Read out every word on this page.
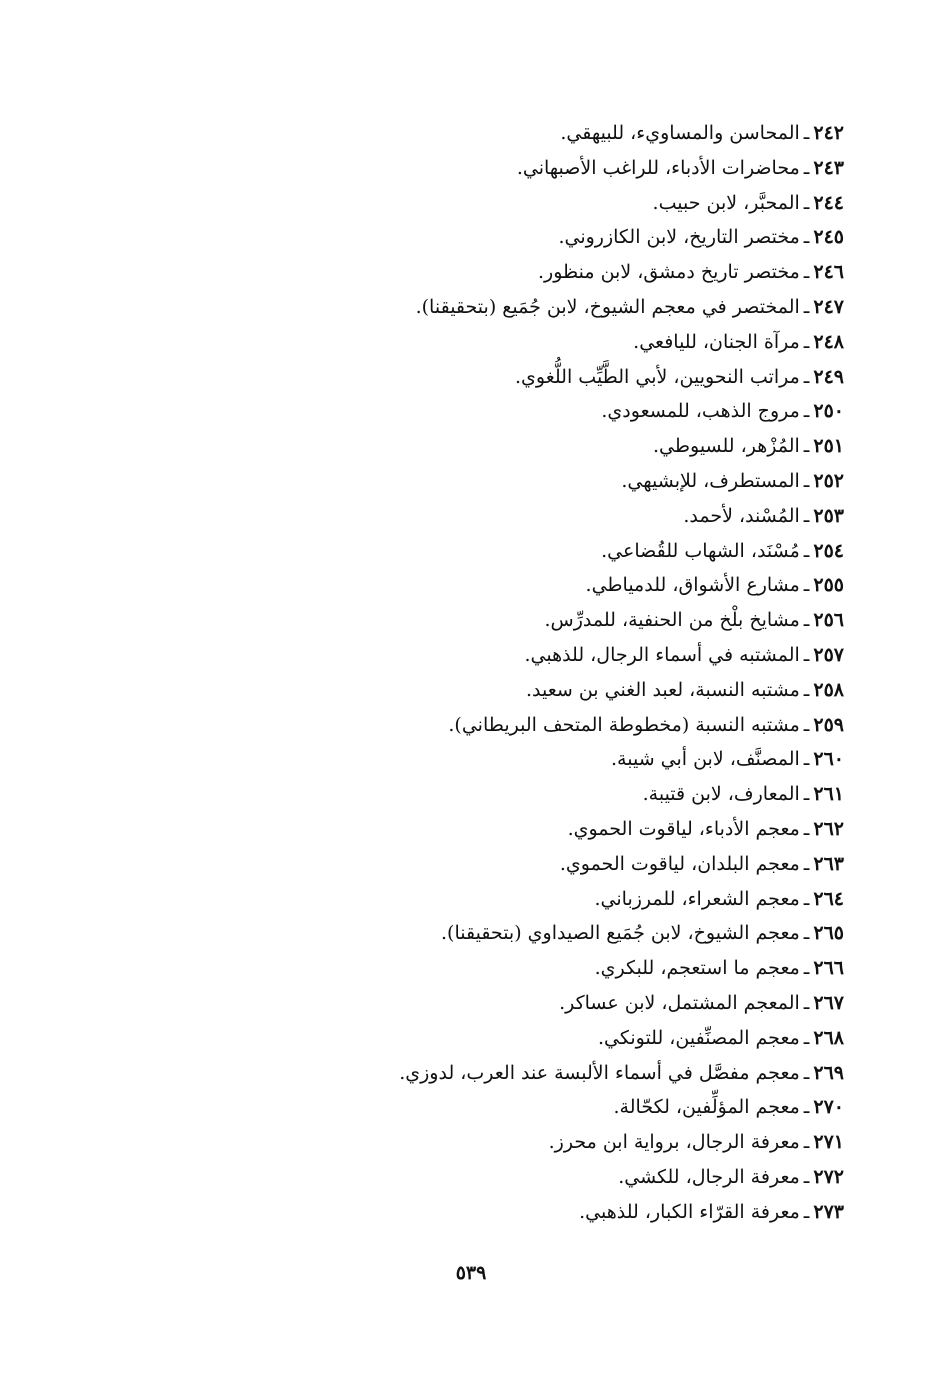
٢٤٢ـالمحاسن والمساويء، للبيهقي.
٢٤٣ـمحاضرات الأدباء، للراغب الأصبهاني.
٢٤٤ـالمحبَّر، لابن حبيب.
٢٤٥ـمختصر التاريخ، لابن الكازروني.
٢٤٦ـمختصر تاريخ دمشق، لابن منظور.
٢٤٧ـالمختصر في معجم الشيوخ، لابن جُمَيع (بتحقيقنا).
٢٤٨ـمرآة الجنان، لليافعي.
٢٤٩ـمراتب النحويين، لأبي الطَّيِّب اللُّغوي.
٢٥٠ـمروج الذهب، للمسعودي.
٢٥١ـالمُزْهر، للسيوطي.
٢٥٢ـالمستطرف، للإبشيهي.
٢٥٣ـالمُسْند، لأحمد.
٢٥٤ـمُسْنَد، الشهاب للقُضاعي.
٢٥٥ـمشارع الأشواق، للدمياطي.
٢٥٦ـمشايخ بلْخ من الحنفية، للمدرِّس.
٢٥٧ـالمشتبه في أسماء الرجال، للذهبي.
٢٥٨ـمشتبه النسبة، لعبد الغني بن سعيد.
٢٥٩ـمشتبه النسبة (مخطوطة المتحف البريطاني).
٢٦٠ـالمصنَّف، لابن أبي شيبة.
٢٦١ـالمعارف، لابن قتيبة.
٢٦٢ـمعجم الأدباء، لياقوت الحموي.
٢٦٣ـمعجم البلدان، لياقوت الحموي.
٢٦٤ـمعجم الشعراء، للمرزباني.
٢٦٥ـمعجم الشيوخ، لابن جُمَيع الصيداوي (بتحقيقنا).
٢٦٦ـمعجم ما استعجم، للبكري.
٢٦٧ـالمعجم المشتمل، لابن عساكر.
٢٦٨ـمعجم المصنِّفين، للتونكي.
٢٦٩ـمعجم مفصَّل في أسماء الألبسة عند العرب، لدوزي.
٢٧٠ـمعجم المؤلِّفين، لكحّالة.
٢٧١ـمعرفة الرجال، برواية ابن محرز.
٢٧٢ـمعرفة الرجال، للكشي.
٢٧٣ـمعرفة القرّاء الكبار، للذهبي.
٥٣٩
